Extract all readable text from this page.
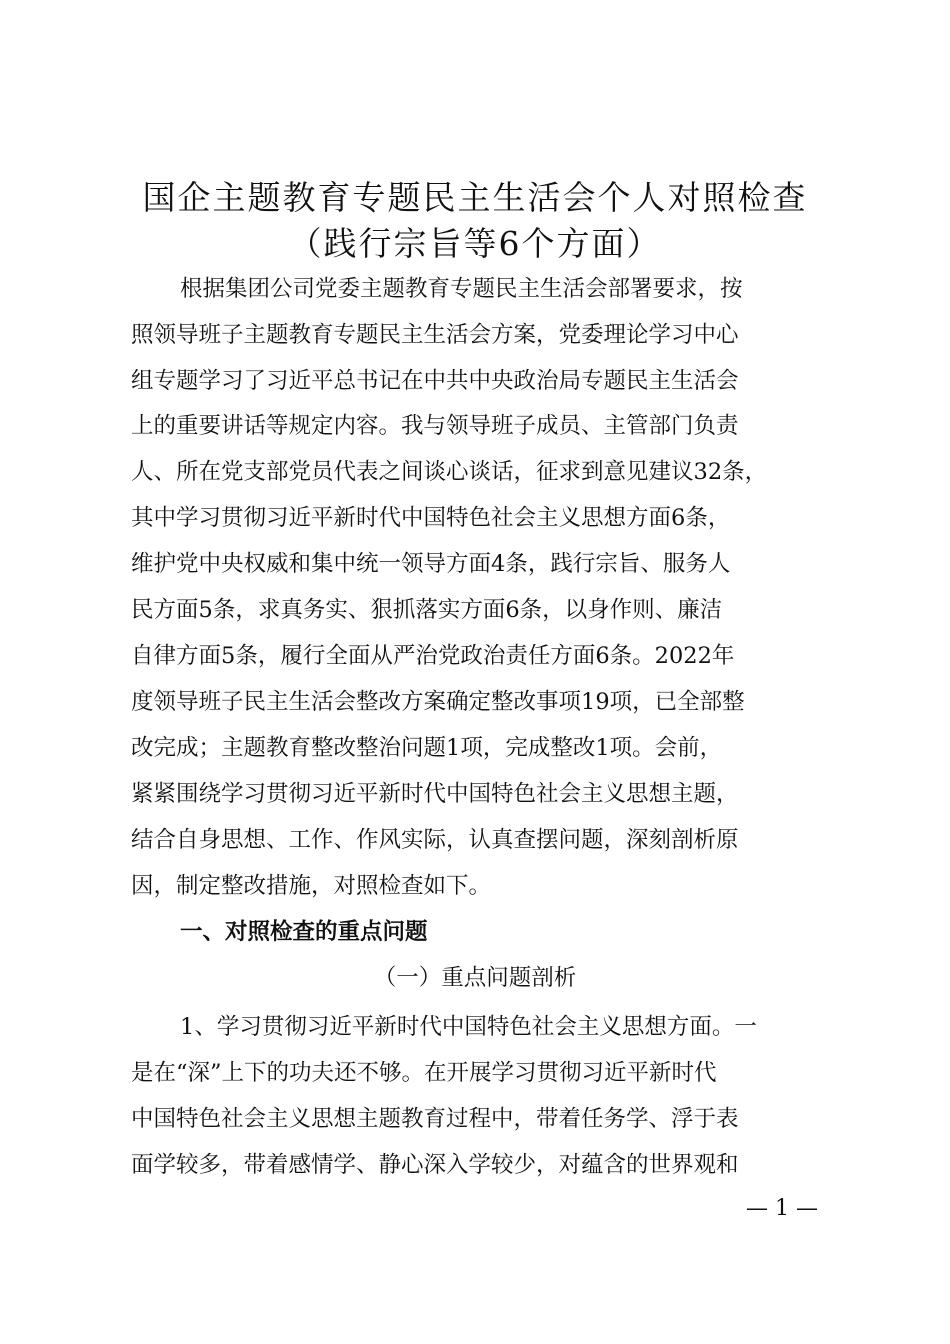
国企主题教育专题民主生活会个人对照检查
（践行宗旨等6个方面）
根据集团公司党委主题教育专题民主生活会部署要求，按
照领导班子主题教育专题民主生活会方案，党委理论学习中心
组专题学习了习近平总书记在中共中央政治局专题民主生活会
上的重要讲话等规定内容。我与领导班子成员、主管部门负责
人、所在党支部党员代表之间谈心谈话，征求到意见建议32条，
其中学习贯彻习近平新时代中国特色社会主义思想方面6条，
维护党中央权威和集中统一领导方面4条，践行宗旨、服务人
民方面5条，求真务实、狠抓落实方面6条，以身作则、廉洁
自律方面5条，履行全面从严治党政治责任方面6条。2022年
度领导班子民主生活会整改方案确定整改事项19项，已全部整
改完成；主题教育整改整治问题1项，完成整改1项。会前，
紧紧围绕学习贯彻习近平新时代中国特色社会主义思想主题，
结合自身思想、工作、作风实际，认真查摆问题，深刻剖析原
因，制定整改措施，对照检查如下。
一、对照检查的重点问题
（一）重点问题剖析
1、学习贯彻习近平新时代中国特色社会主义思想方面。一
是在“深”上下的功夫还不够。在开展学习贯彻习近平新时代
中国特色社会主义思想主题教育过程中，带着任务学、浮于表
面学较多，带着感情学、静心深入学较少，对蕴含的世界观和
— 1 —
